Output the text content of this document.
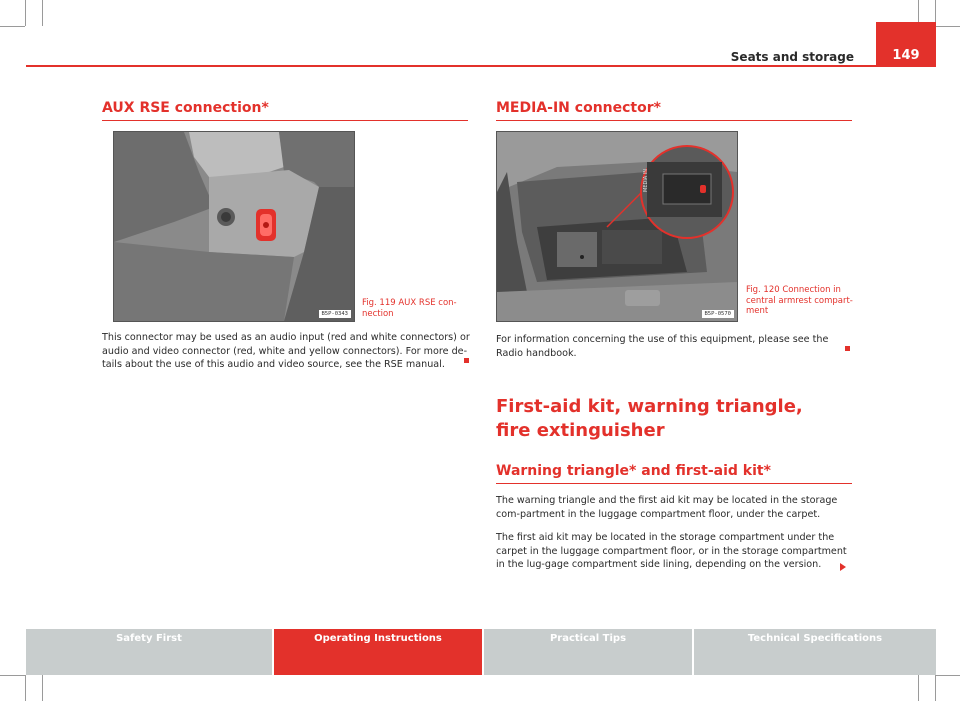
149
Seats and storage
AUX RSE connection*
B5P-0343
Fig. 119 AUX RSE con-
nection

This connector may be used as an audio input (red and white connectors) or audio and video connector (red, white and yellow connectors). For more de-tails about the use of this audio and video source, see the RSE manual.

MEDIA-IN connector*
MEDIA IN
B5P-0570
Fig. 120 Connection in
central armrest compart-
ment

For information concerning the use of this equipment, please see the Radio handbook.

First-aid kit, warning triangle, fire extinguisher
Warning triangle* and first-aid kit*

The warning triangle and the first aid kit may be located in the storage com-partment in the luggage compartment floor, under the carpet.

The first aid kit may be located in the storage compartment under the carpet in the luggage compartment floor, or in the storage compartment in the lug-gage compartment side lining, depending on the version.

Safety First	Operating Instructions	Practical Tips	Technical Specifications
